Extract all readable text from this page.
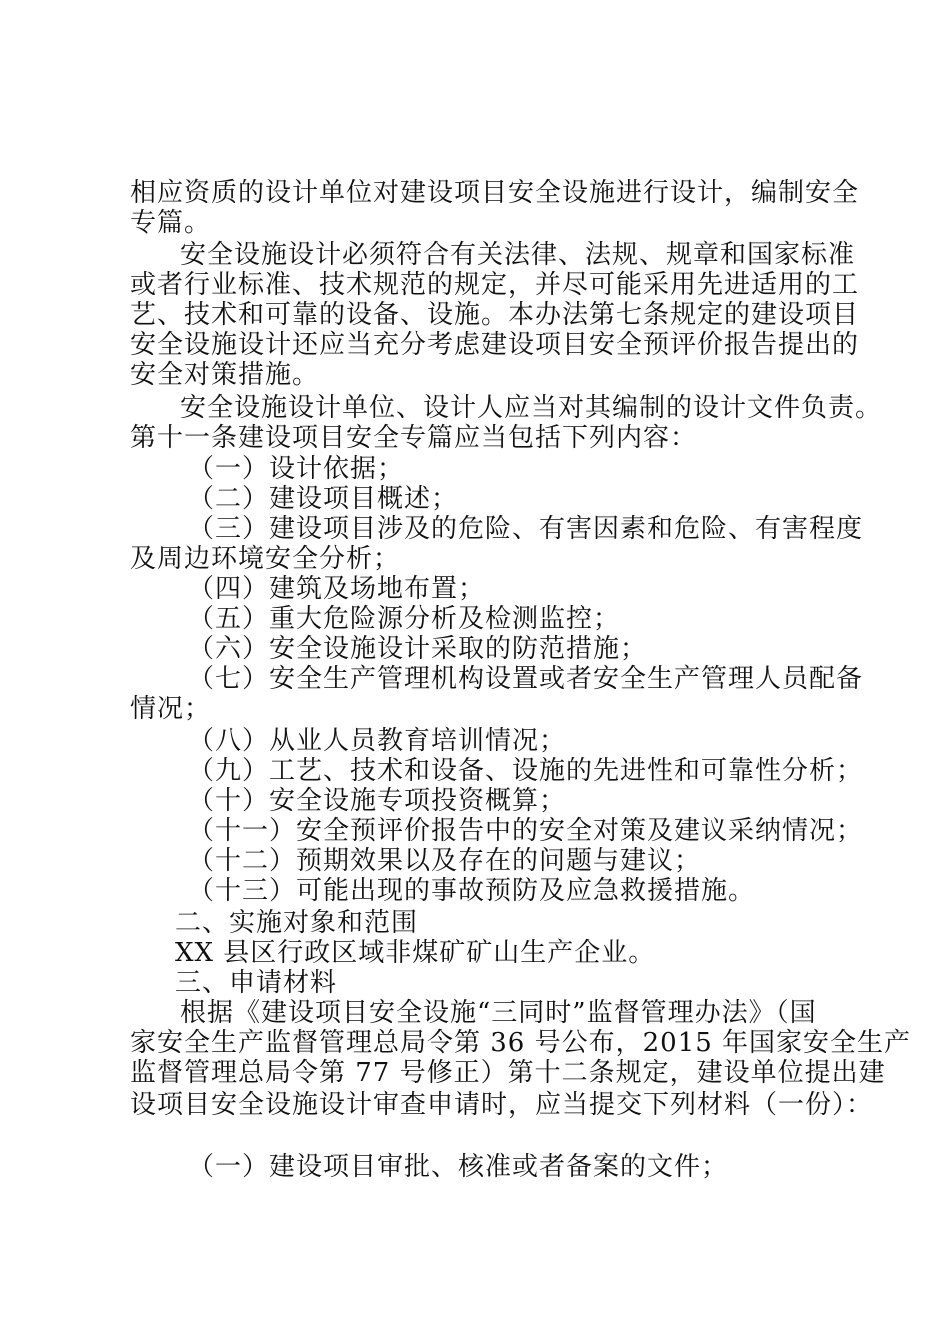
相应资质的设计单位对建设项目安全设施进行设计，编制安全
专篇。
安全设施设计必须符合有关法律、法规、规章和国家标准
或者行业标准、技术规范的规定，并尽可能采用先进适用的工
艺、技术和可靠的设备、设施。本办法第七条规定的建设项目
安全设施设计还应当充分考虑建设项目安全预评价报告提出的
安全对策措施。
安全设施设计单位、设计人应当对其编制的设计文件负责。
第十一条建设项目安全专篇应当包括下列内容：
（一）设计依据；
（二）建设项目概述；
（三）建设项目涉及的危险、有害因素和危险、有害程度
及周边环境安全分析；
（四）建筑及场地布置；
（五）重大危险源分析及检测监控；
（六）安全设施设计采取的防范措施；
（七）安全生产管理机构设置或者安全生产管理人员配备
情况；
（八）从业人员教育培训情况；
（九）工艺、技术和设备、设施的先进性和可靠性分析；
（十）安全设施专项投资概算；
（十一）安全预评价报告中的安全对策及建议采纳情况；
（十二）预期效果以及存在的问题与建议；
（十三）可能出现的事故预防及应急救援措施。
二、实施对象和范围
XX 县区行政区域非煤矿矿山生产企业。
三、申请材料
根据《建设项目安全设施“三同时”监督管理办法》（国
家安全生产监督管理总局令第 36 号公布，2015 年国家安全生产
监督管理总局令第 77 号修正）第十二条规定，建设单位提出建
设项目安全设施设计审查申请时，应当提交下列材料（一份）：
（一）建设项目审批、核准或者备案的文件；
